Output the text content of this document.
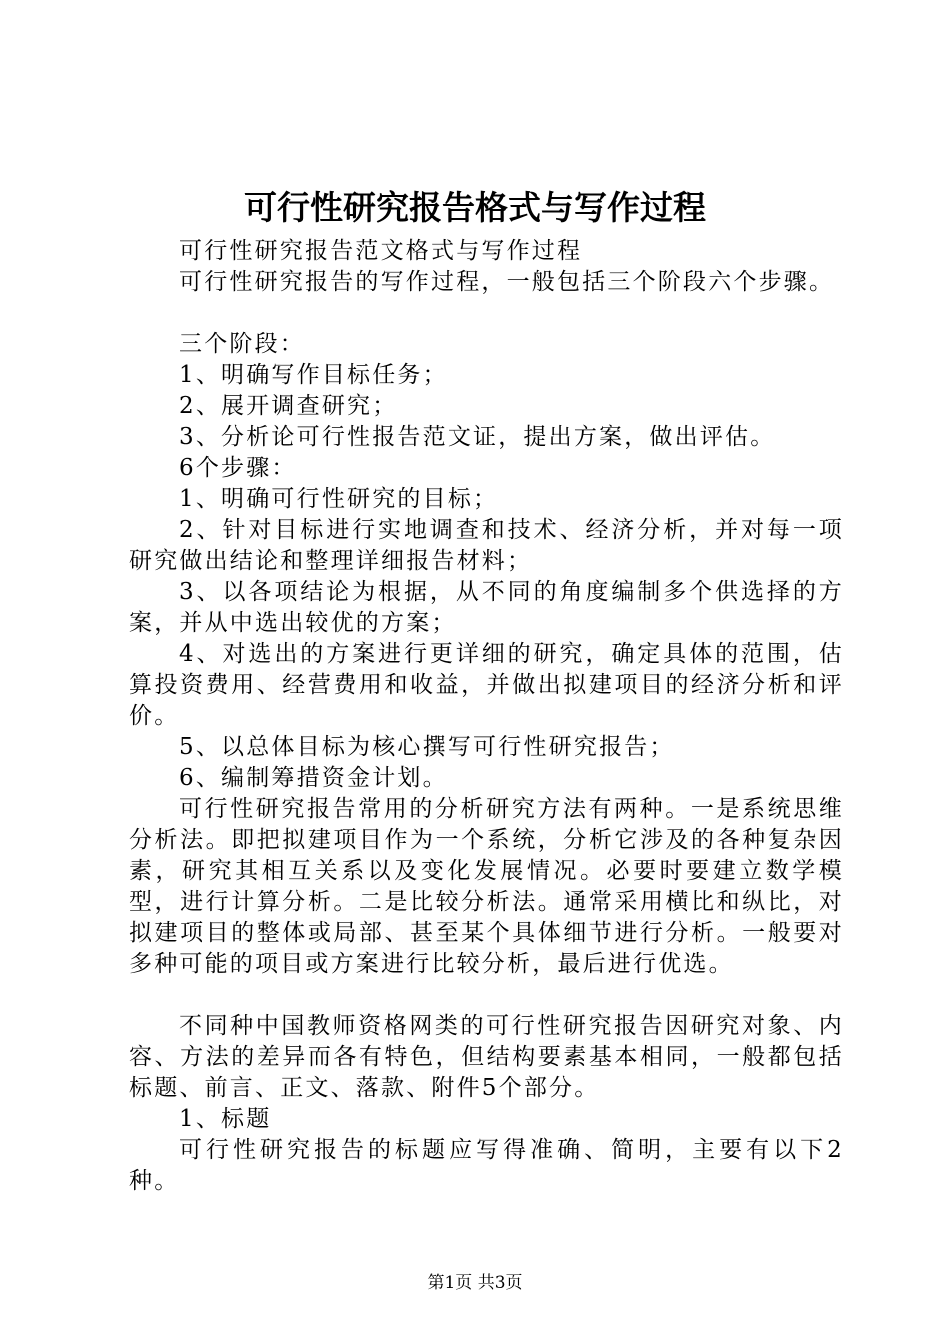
可行性研究报告格式与写作过程

可行性研究报告范文格式与写作过程

可行性研究报告的写作过程，一般包括三个阶段六个步骤。

三个阶段：

1、明确写作目标任务；

2、展开调查研究；

3、分析论可行性报告范文证，提出方案，做出评估。

6个步骤：

1、明确可行性研究的目标；

2、针对目标进行实地调查和技术、经济分析，并对每一项研究做出结论和整理详细报告材料；

3、以各项结论为根据，从不同的角度编制多个供选择的方案，并从中选出较优的方案；

4、对选出的方案进行更详细的研究，确定具体的范围，估算投资费用、经营费用和收益，并做出拟建项目的经济分析和评价。

5、以总体目标为核心撰写可行性研究报告；

6、编制筹措资金计划。

可行性研究报告常用的分析研究方法有两种。一是系统思维分析法。即把拟建项目作为一个系统，分析它涉及的各种复杂因素，研究其相互关系以及变化发展情况。必要时要建立数学模型，进行计算分析。二是比较分析法。通常采用横比和纵比，对拟建项目的整体或局部、甚至某个具体细节进行分析。一般要对多种可能的项目或方案进行比较分析，最后进行优选。

不同种中国教师资格网类的可行性研究报告因研究对象、内容、方法的差异而各有特色，但结构要素基本相同，一般都包括标题、前言、正文、落款、附件5个部分。

1、标题

可行性研究报告的标题应写得准确、简明，主要有以下2种。

第1页 共3页
